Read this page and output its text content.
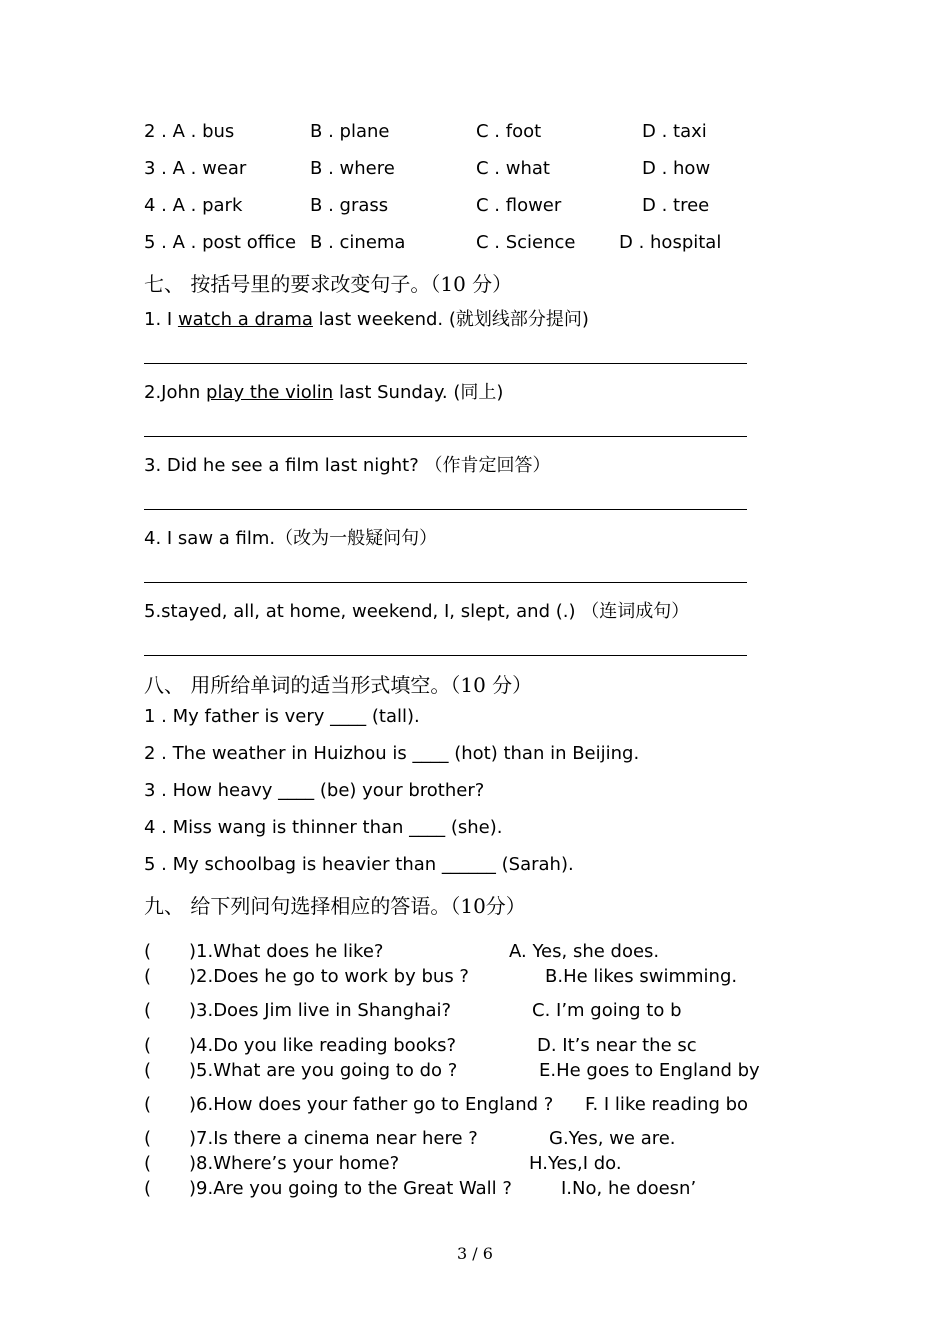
2 . A . bus	B . plane	C . foot	D . taxi
3 . A . wear	B . where	C . what	D . how
4 . A . park	B . grass	C . flower	D . tree
5 . A . post office B . cinema	C . Science D . hospital
七、 按括号里的要求改变句子。（10 分）
1. I watch a drama last weekend. (就划线部分提问)
2.John play the violin last Sunday. (同上)
3. Did he see a film last night? （作肯定回答）
4. I saw a film.（改为一般疑问句）
5.stayed, all, at home, weekend, I, slept, and (.) （连词成句）
八、 用所给单词的适当形式填空。（10 分）
1 . My father is very ____ (tall).
2 . The weather in Huizhou is ____ (hot) than in Beijing.
3 . How heavy ____ (be) your brother?
4 . Miss wang is thinner than ____ (she).
5 . My schoolbag is heavier than ______ (Sarah).
九、 给下列问句选择相应的答语。（10分）
( )1.What does he like?	A. Yes, she does.
( )2.Does he go to work by bus ?	B.He likes swimming.
( )3.Does Jim live in Shanghai?	C. I’m going to b
( )4.Do you like reading books?	D. It’s near the sc
( )5.What are you going to do ?	E.He goes to England by
( )6.How does your father go to England ? F. I like reading bo
( )7.Is there a cinema near here ?	G.Yes, we are.
( )8.Where’s your home?	H.Yes,I do.
( )9.Are you going to the Great Wall ?	I.No, he doesn’
3 / 6
